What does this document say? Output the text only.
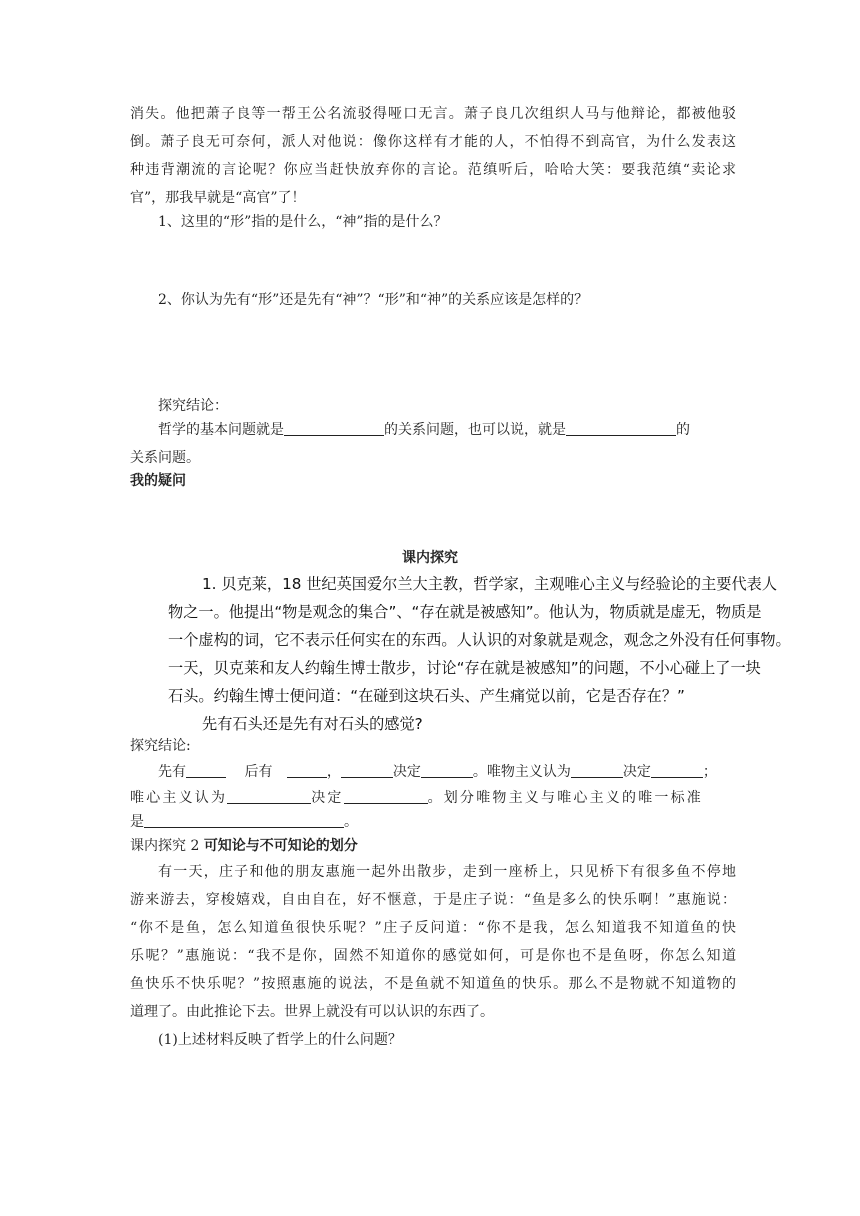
消失。他把萧子良等一帮王公名流驳得哑口无言。萧子良几次组织人马与他辩论，都被他驳
倒。萧子良无可奈何，派人对他说：像你这样有才能的人，不怕得不到高官，为什么发表这
种违背潮流的言论呢？你应当赶快放弃你的言论。范缜听后，哈哈大笑：要我范缜“卖论求
官”，那我早就是“高官”了！
1、这里的“形”指的是什么，“神”指的是什么？
2、你认为先有“形”还是先有“神”？“形”和“神”的关系应该是怎样的？
探究结论：
哲学的基本问题就是	的关系问题，也可以说，就是	的
关系问题。
我的疑问
课内探究
1. 贝克莱，18 世纪英国爱尔兰大主教，哲学家，主观唯心主义与经验论的主要代表人
物之一。他提出“物是观念的集合”、“存在就是被感知”。他认为，物质就是虚无，物质是
一个虚构的词，它不表示任何实在的东西。人认识的对象就是观念，观念之外没有任何事物。
一天，贝克莱和友人约翰生博士散步，讨论“存在就是被感知”的问题，不小心碰上了一块
石头。约翰生博士便问道：“在碰到这块石头、产生痛觉以前，它是否存在？”
先有石头还是先有对石头的感觉?
探究结论:
先有	后有	，	决定	。唯物主义认为	决定	；
唯心主义认为	决定	。划分唯物主义与唯心主义的唯一标准
是	。
课内探究 2 可知论与不可知论的划分
有一天，庄子和他的朋友惠施一起外出散步，走到一座桥上，只见桥下有很多鱼不停地
游来游去，穿梭嬉戏，自由自在，好不惬意，于是庄子说：“鱼是多么的快乐啊！”惠施说：
“你不是鱼，怎么知道鱼很快乐呢？”庄子反问道：“你不是我，怎么知道我不知道鱼的快
乐呢？”惠施说：“我不是你，固然不知道你的感觉如何，可是你也不是鱼呀，你怎么知道
鱼快乐不快乐呢？”按照惠施的说法，不是鱼就不知道鱼的快乐。那么不是物就不知道物的
道理了。由此推论下去。世界上就没有可以认识的东西了。
(1)上述材料反映了哲学上的什么问题？
